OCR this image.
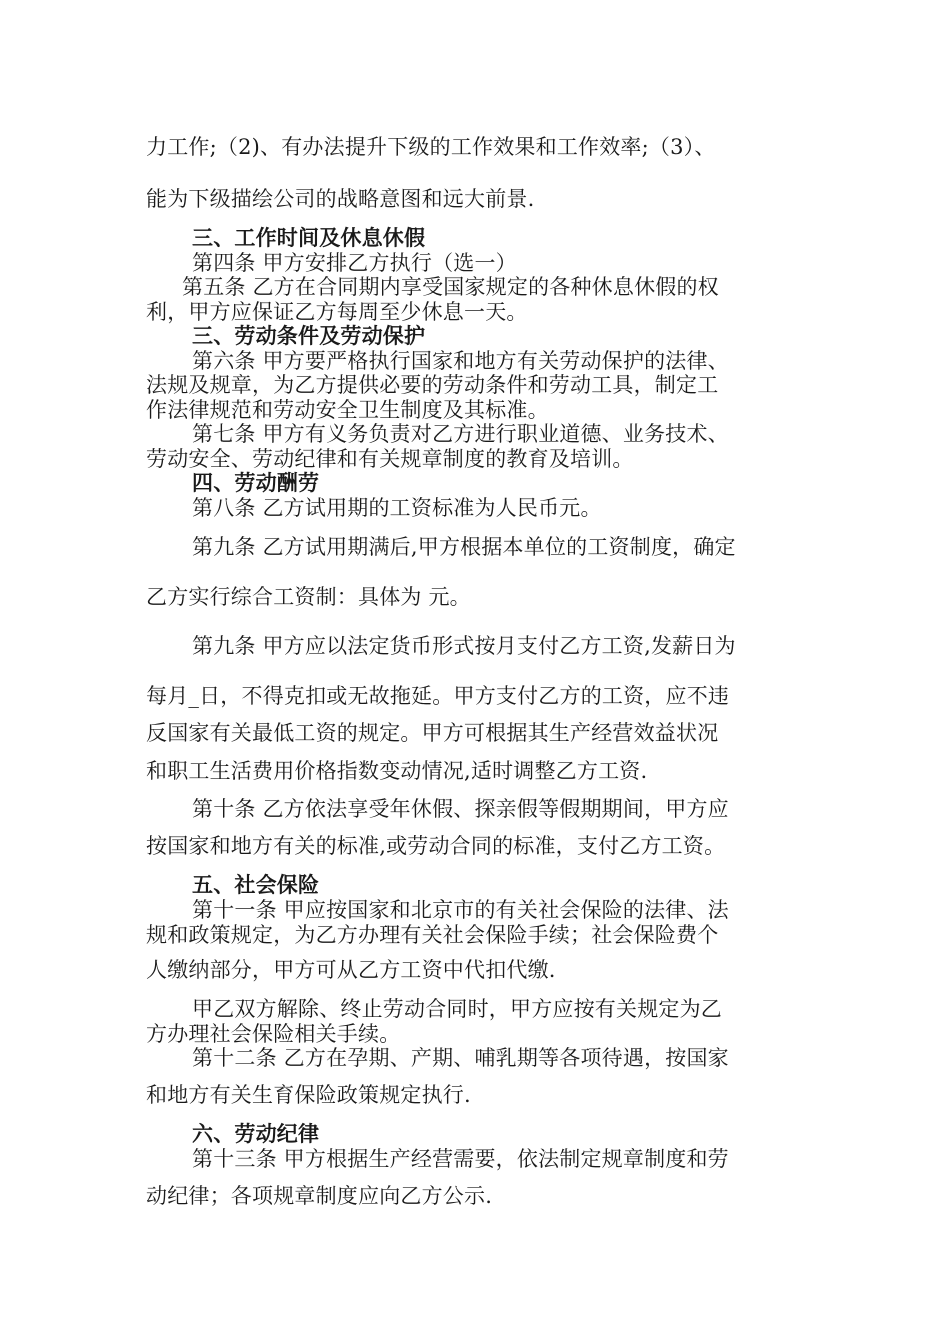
力工作;（2)、有办法提升下级的工作效果和工作效率;（3）、
能为下级描绘公司的战略意图和远大前景.
三、工作时间及休息休假
第四条 甲方安排乙方执行（选一）
第五条 乙方在合同期内享受国家规定的各种休息休假的权
利，甲方应保证乙方每周至少休息一天。
三、劳动条件及劳动保护
第六条 甲方要严格执行国家和地方有关劳动保护的法律、
法规及规章，为乙方提供必要的劳动条件和劳动工具，制定工
作法律规范和劳动安全卫生制度及其标准。
第七条 甲方有义务负责对乙方进行职业道德、业务技术、
劳动安全、劳动纪律和有关规章制度的教育及培训。
四、劳动酬劳
第八条 乙方试用期的工资标准为人民币元。
第九条 乙方试用期满后,甲方根据本单位的工资制度，确定
乙方实行综合工资制：具体为 元。
第九条 甲方应以法定货币形式按月支付乙方工资,发薪日为
每月_日，不得克扣或无故拖延。甲方支付乙方的工资，应不违
反国家有关最低工资的规定。甲方可根据其生产经营效益状况
和职工生活费用价格指数变动情况,适时调整乙方工资.
第十条 乙方依法享受年休假、探亲假等假期期间，甲方应
按国家和地方有关的标准,或劳动合同的标准，支付乙方工资。
五、社会保险
第十一条 甲应按国家和北京市的有关社会保险的法律、法
规和政策规定，为乙方办理有关社会保险手续；社会保险费个
人缴纳部分，甲方可从乙方工资中代扣代缴.
甲乙双方解除、终止劳动合同时，甲方应按有关规定为乙
方办理社会保险相关手续。
第十二条 乙方在孕期、产期、哺乳期等各项待遇，按国家
和地方有关生育保险政策规定执行.
六、劳动纪律
第十三条 甲方根据生产经营需要，依法制定规章制度和劳
动纪律；各项规章制度应向乙方公示.
